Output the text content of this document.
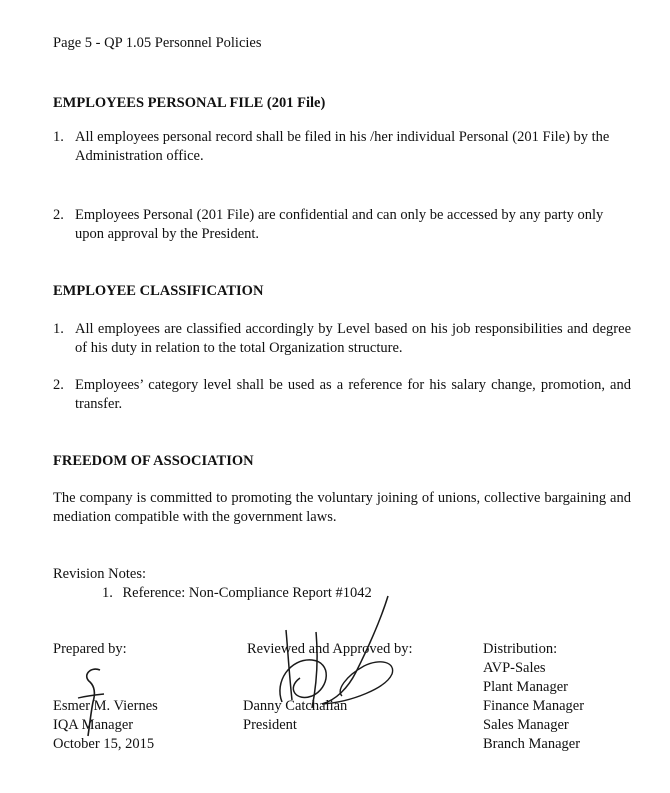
Page 5 - QP 1.05 Personnel Policies
EMPLOYEES PERSONAL FILE (201 File)
1. All employees personal record shall be filed in his /her individual Personal (201 File) by the Administration office.
2. Employees Personal (201 File) are confidential and can only be accessed by any party only upon approval by the President.
EMPLOYEE CLASSIFICATION
1. All employees are classified accordingly by Level based on his job responsibilities and degree of his duty in relation to the total Organization structure.
2. Employees’ category level shall be used as a reference for his salary change, promotion, and transfer.
FREEDOM OF ASSOCIATION
The company is committed to promoting the voluntary joining of unions, collective bargaining and mediation compatible with the government laws.
Revision Notes:
1. Reference: Non-Compliance Report #1042
Prepared by:
Esmer M. Viernes
IQA Manager
October 15, 2015
Reviewed and Approved by:
Danny Catchalian
President
Distribution:
AVP-Sales
Plant Manager
Finance Manager
Sales Manager
Branch Manager
